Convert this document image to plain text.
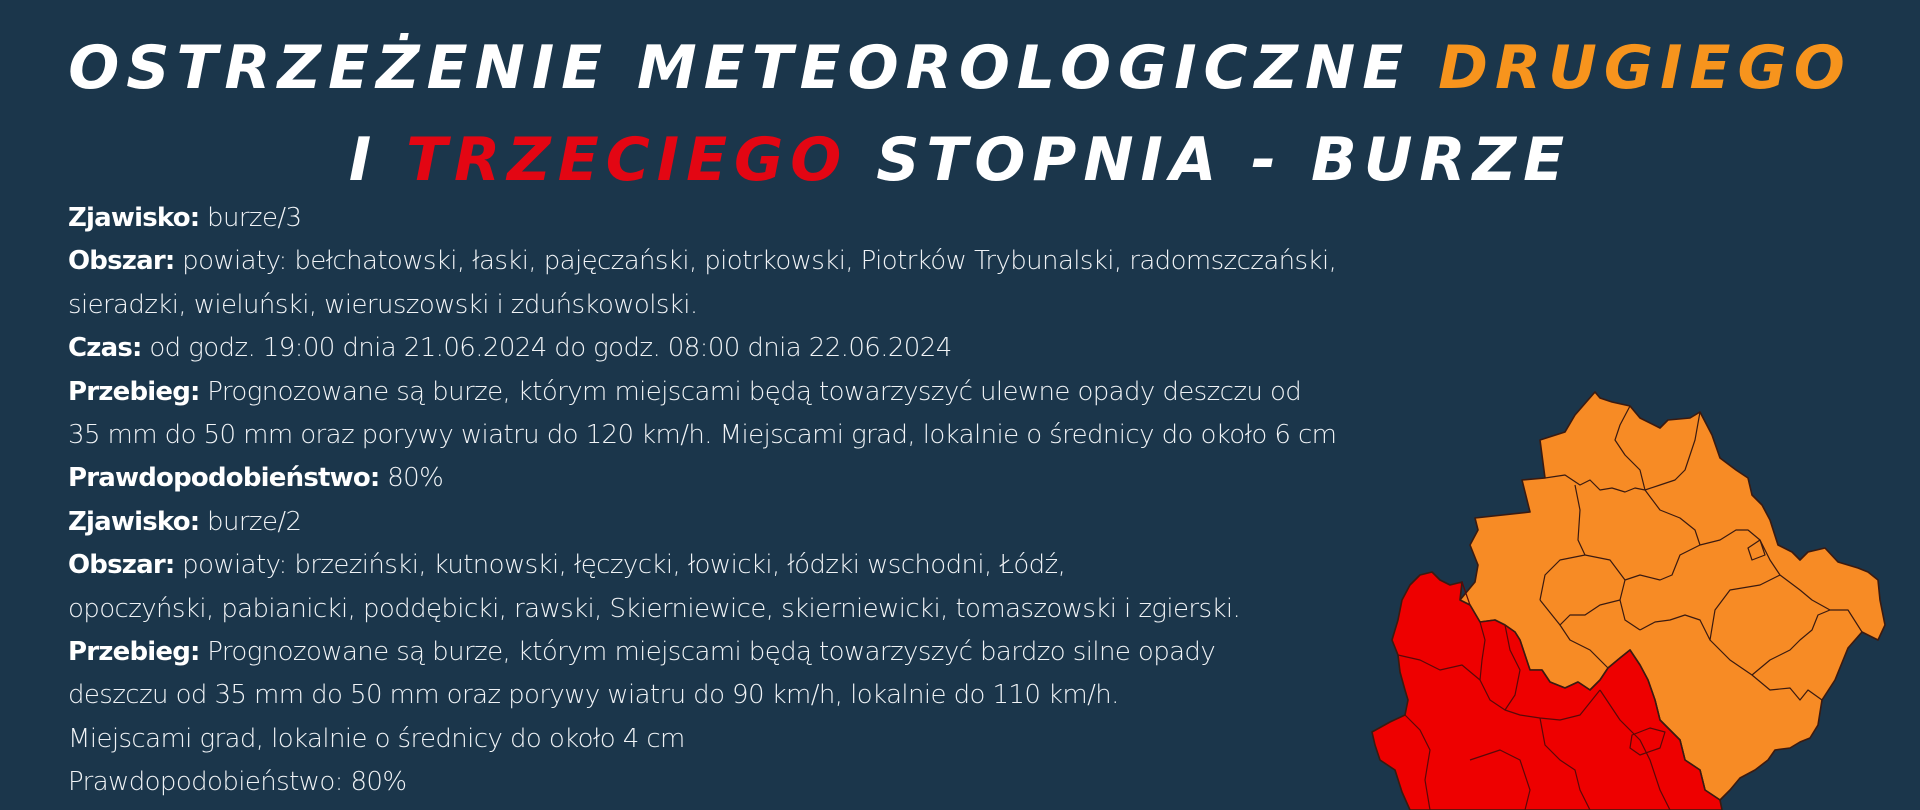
OSTRZEŻENIE METEOROLOGICZNE DRUGIEGO
I TRZECIEGO STOPNIA - BURZE
Zjawisko: burze/3
Obszar: powiaty: bełchatowski, łaski, pajęczański, piotrkowski, Piotrków Trybunalski, radomszczański,
sieradzki, wieluński, wieruszowski i zduńskowolski.
Czas: od godz. 19:00 dnia 21.06.2024 do godz. 08:00 dnia 22.06.2024
Przebieg: Prognozowane są burze, którym miejscami będą towarzyszyć ulewne opady deszczu od
35 mm do 50 mm oraz porywy wiatru do 120 km/h. Miejscami grad, lokalnie o średnicy do około 6 cm
Prawdopodobieństwo: 80%
Zjawisko: burze/2
Obszar: powiaty: brzeziński, kutnowski, łęczycki, łowicki, łódzki wschodni, Łódź,
opoczyński, pabianicki, poddębicki, rawski, Skierniewice, skierniewicki, tomaszowski i zgierski.
Przebieg: Prognozowane są burze, którym miejscami będą towarzyszyć bardzo silne opady
deszczu od 35 mm do 50 mm oraz porywy wiatru do 90 km/h, lokalnie do 110 km/h.
Miejscami grad, lokalnie o średnicy do około 4 cm
Prawdopodobieństwo: 80%
